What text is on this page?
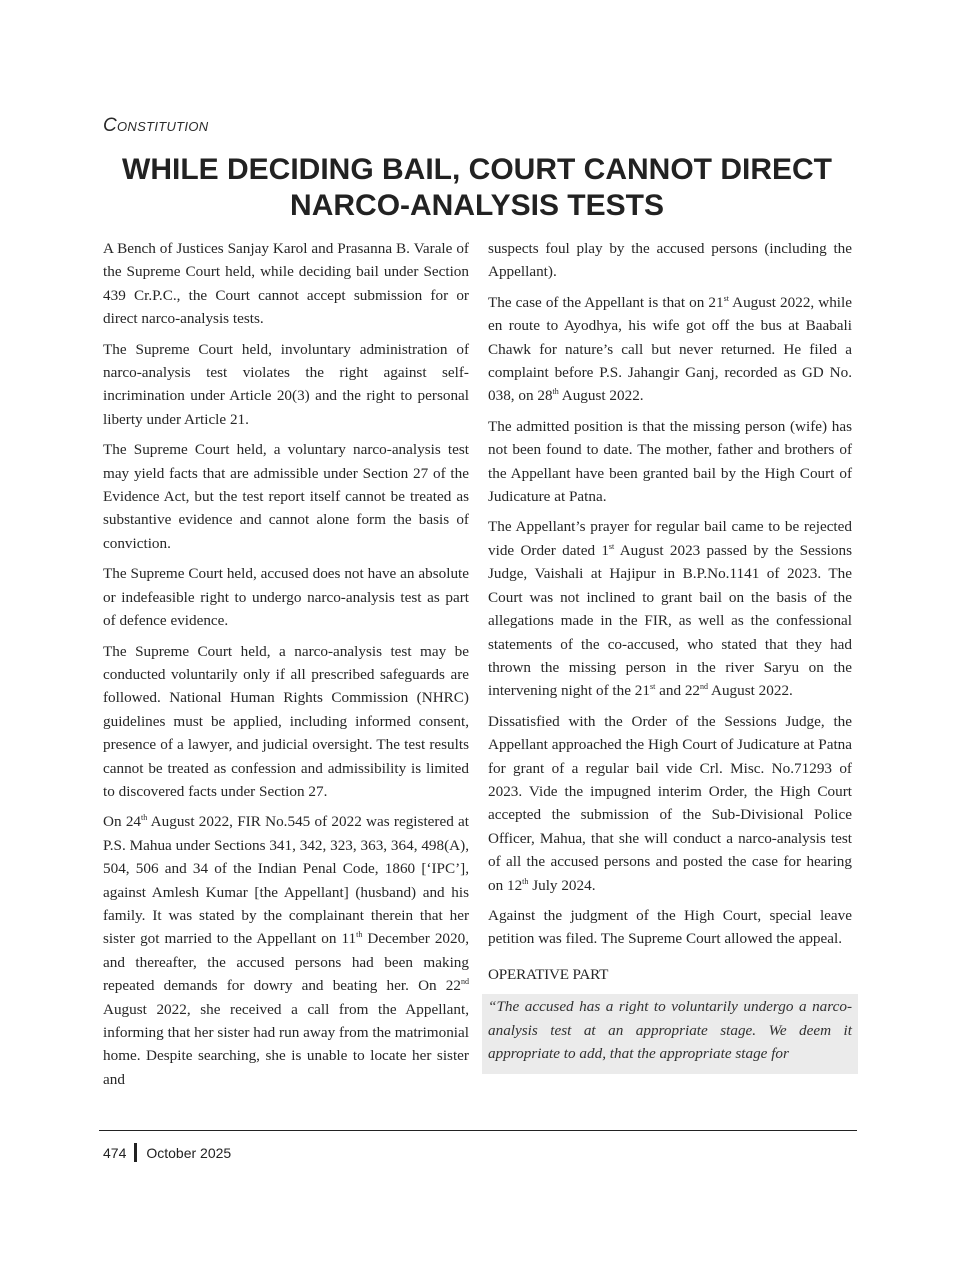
Constitution
WHILE DECIDING BAIL, COURT CANNOT DIRECT NARCO-ANALYSIS TESTS

A Bench of Justices Sanjay Karol and Prasanna B. Varale of the Supreme Court held, while deciding bail under Section 439 Cr.P.C., the Court cannot accept submission for or direct narco-analysis tests.

The Supreme Court held, involuntary administration of narco-analysis test violates the right against self-incrimination under Article 20(3) and the right to personal liberty under Article 21.

The Supreme Court held, a voluntary narco-analysis test may yield facts that are admissible under Section 27 of the Evidence Act, but the test report itself cannot be treated as substantive evidence and cannot alone form the basis of conviction.

The Supreme Court held, accused does not have an absolute or indefeasible right to undergo narco-analysis test as part of defence evidence.

The Supreme Court held, a narco-analysis test may be conducted voluntarily only if all prescribed safeguards are followed. National Human Rights Commission (NHRC) guidelines must be applied, including informed consent, presence of a lawyer, and judicial oversight. The test results cannot be treated as confession and admissibility is limited to discovered facts under Section 27.

On 24th August 2022, FIR No.545 of 2022 was registered at P.S. Mahua under Sections 341, 342, 323, 363, 364, 498(A), 504, 506 and 34 of the Indian Penal Code, 1860 [‘IPC’], against Amlesh Kumar [the Appellant] (husband) and his family. It was stated by the complainant therein that her sister got married to the Appellant on 11th December 2020, and thereafter, the accused persons had been making repeated demands for dowry and beating her. On 22nd August 2022, she received a call from the Appellant, informing that her sister had run away from the matrimonial home. Despite searching, she is unable to locate her sister and

suspects foul play by the accused persons (including the Appellant).

The case of the Appellant is that on 21st August 2022, while en route to Ayodhya, his wife got off the bus at Baabali Chawk for nature’s call but never returned. He filed a complaint before P.S. Jahangir Ganj, recorded as GD No. 038, on 28th August 2022.

The admitted position is that the missing person (wife) has not been found to date. The mother, father and brothers of the Appellant have been granted bail by the High Court of Judicature at Patna.

The Appellant’s prayer for regular bail came to be rejected vide Order dated 1st August 2023 passed by the Sessions Judge, Vaishali at Hajipur in B.P.No.1141 of 2023. The Court was not inclined to grant bail on the basis of the allegations made in the FIR, as well as the confessional statements of the co-accused, who stated that they had thrown the missing person in the river Saryu on the intervening night of the 21st and 22nd August 2022.

Dissatisfied with the Order of the Sessions Judge, the Appellant approached the High Court of Judicature at Patna for grant of a regular bail vide Crl. Misc. No.71293 of 2023. Vide the impugned interim Order, the High Court accepted the submission of the Sub-Divisional Police Officer, Mahua, that she will conduct a narco-analysis test of all the accused persons and posted the case for hearing on 12th July 2024.

Against the judgment of the High Court, special leave petition was filed. The Supreme Court allowed the appeal.

OPERATIVE PART
“The accused has a right to voluntarily undergo a narco-analysis test at an appropriate stage. We deem it appropriate to add, that the appropriate stage for
474 October 2025
